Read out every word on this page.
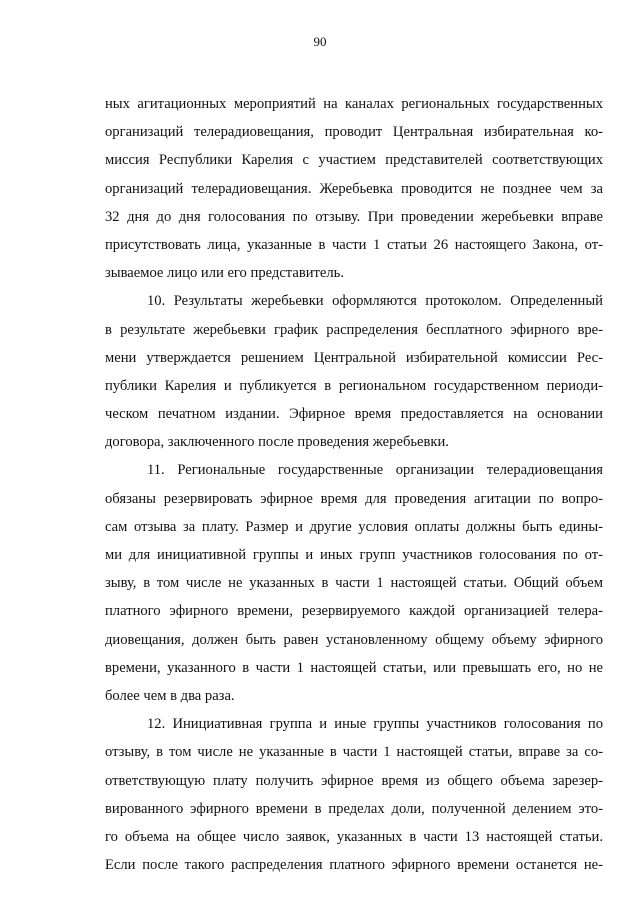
90
ных агитационных мероприятий на каналах региональных государственных
организаций телерадиовещания, проводит Центральная избирательная ко-
миссия Республики Карелия с участием представителей соответствующих
организаций телерадиовещания. Жеребьевка проводится не позднее чем за
32 дня до дня голосования по отзыву. При проведении жеребьевки вправе
присутствовать лица, указанные в части 1 статьи 26 настоящего Закона, от-
зываемое лицо или его представитель.
10. Результаты жеребьевки оформляются протоколом. Определенный
в результате жеребьевки график распределения бесплатного эфирного вре-
мени утверждается решением Центральной избирательной комиссии Рес-
публики Карелия и публикуется в региональном государственном периоди-
ческом печатном издании. Эфирное время предоставляется на основании
договора, заключенного после проведения жеребьевки.
11. Региональные государственные организации телерадиовещания
обязаны резервировать эфирное время для проведения агитации по вопро-
сам отзыва за плату. Размер и другие условия оплаты должны быть едины-
ми для инициативной группы и иных групп участников голосования по от-
зыву, в том числе не указанных в части 1 настоящей статьи. Общий объем
платного эфирного времени, резервируемого каждой организацией телера-
диовещания, должен быть равен установленному общему объему эфирного
времени, указанного в части 1 настоящей статьи, или превышать его, но не
более чем в два раза.
12. Инициативная группа и иные группы участников голосования по
отзыву, в том числе не указанные в части 1 настоящей статьи, вправе за со-
ответствующую плату получить эфирное время из общего объема зарезер-
вированного эфирного времени в пределах доли, полученной делением это-
го объема на общее число заявок, указанных в части 13 настоящей статьи.
Если после такого распределения платного эфирного времени останется не-
